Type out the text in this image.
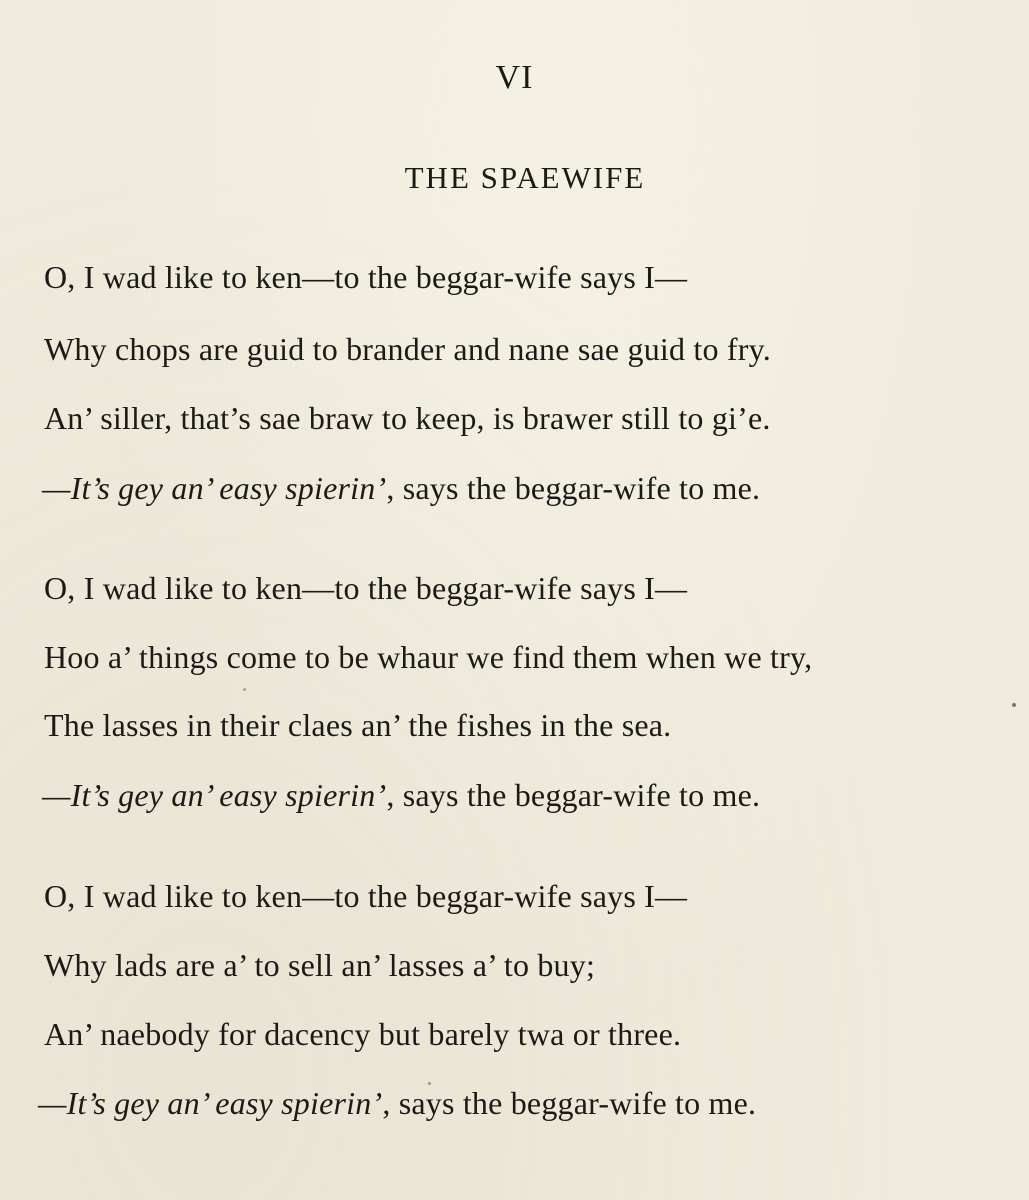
VI
THE SPAEWIFE
O, I wad like to ken—to the beggar-wife says I—
Why chops are guid to brander and nane sae guid to fry.
An’ siller, that’s sae braw to keep, is brawer still to gi’e.
—It’s gey an’ easy spierin’, says the beggar-wife to me.
O, I wad like to ken—to the beggar-wife says I—
Hoo a’ things come to be whaur we find them when we try,
The lasses in their claes an’ the fishes in the sea.
—It’s gey an’ easy spierin’, says the beggar-wife to me.
O, I wad like to ken—to the beggar-wife says I—
Why lads are a’ to sell an’ lasses a’ to buy;
An’ naebody for dacency but barely twa or three.
—It’s gey an’ easy spierin’, says the beggar-wife to me.
